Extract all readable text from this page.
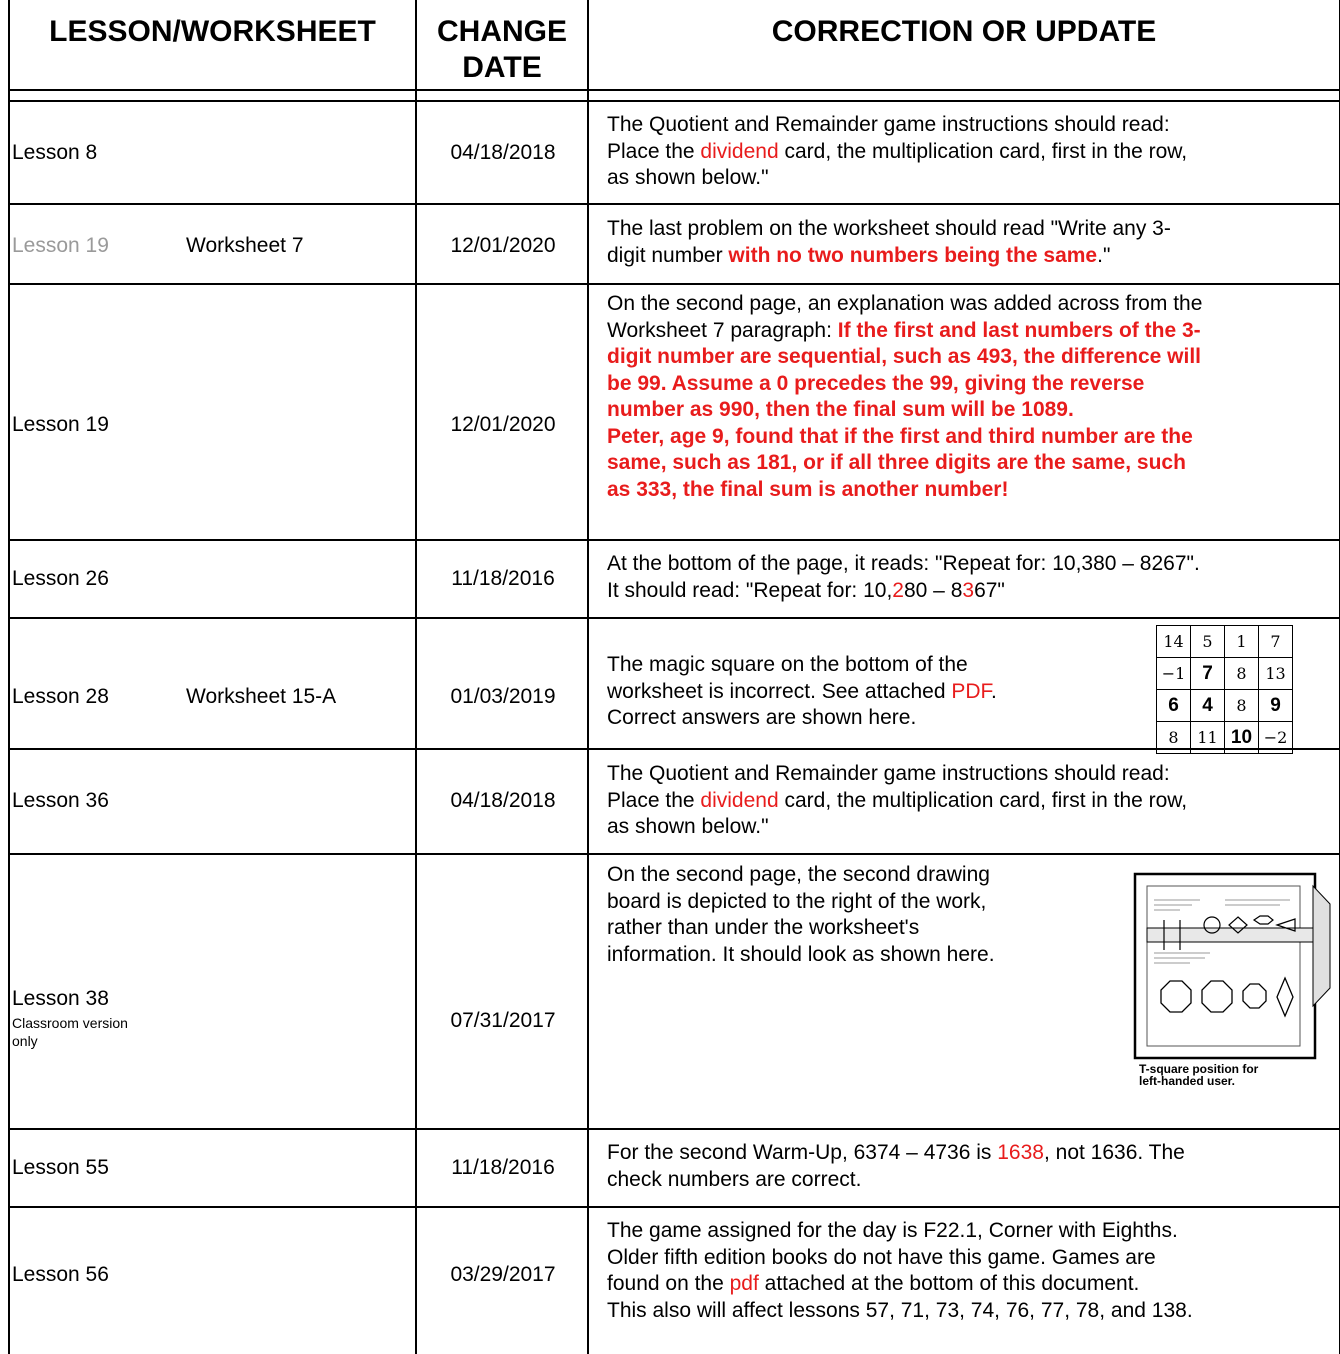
LESSON/WORKSHEET	CHANGE
DATE
CORRECTION OR UPDATE
Lesson 8	04/18/2018
The Quotient and Remainder game instructions should read:
Place the dividend card, the multiplication card, first in the row,
as shown below."
Lesson 19	Worksheet 7	12/01/2020
The last problem on the worksheet should read "Write any 3-
digit number with no two numbers being the same."
Lesson 19	12/01/2020
On the second page, an explanation was added across from the
Worksheet 7 paragraph: If the first and last numbers of the 3-
digit number are sequential, such as 493, the difference will
be 99. Assume a 0 precedes the 99, giving the reverse
number as 990, then the final sum will be 1089.
Peter, age 9, found that if the first and third number are the
same, such as 181, or if all three digits are the same, such
as 333, the final sum is another number!
Lesson 26	11/18/2016
At the bottom of the page, it reads: "Repeat for: 10,380 – 8267".
It should read: "Repeat for: 10,280 – 8367"
Lesson 28	Worksheet 15-A	01/03/2019
The magic square on the bottom of the
worksheet is incorrect. See attached PDF.
Correct answers are shown here.
14	5	1	7
−1	7	8	13
6	4	8	9
8	11	10	−2
Lesson 36	04/18/2018
The Quotient and Remainder game instructions should read:
Place the dividend card, the multiplication card, first in the row,
as shown below."
Lesson 38
Classroom version
only
07/31/2017
On the second page, the second drawing
board is depicted to the right of the work,
rather than under the worksheet's
information. It should look as shown here.
T-square position for
left-handed user.
Lesson 55	11/18/2016
For the second Warm-Up, 6374 – 4736 is 1638, not 1636. The
check numbers are correct.
Lesson 56	03/29/2017
The game assigned for the day is F22.1, Corner with Eighths.
Older fifth edition books do not have this game. Games are
found on the pdf attached at the bottom of this document.
This also will affect lessons 57, 71, 73, 74, 76, 77, 78, and 138.
